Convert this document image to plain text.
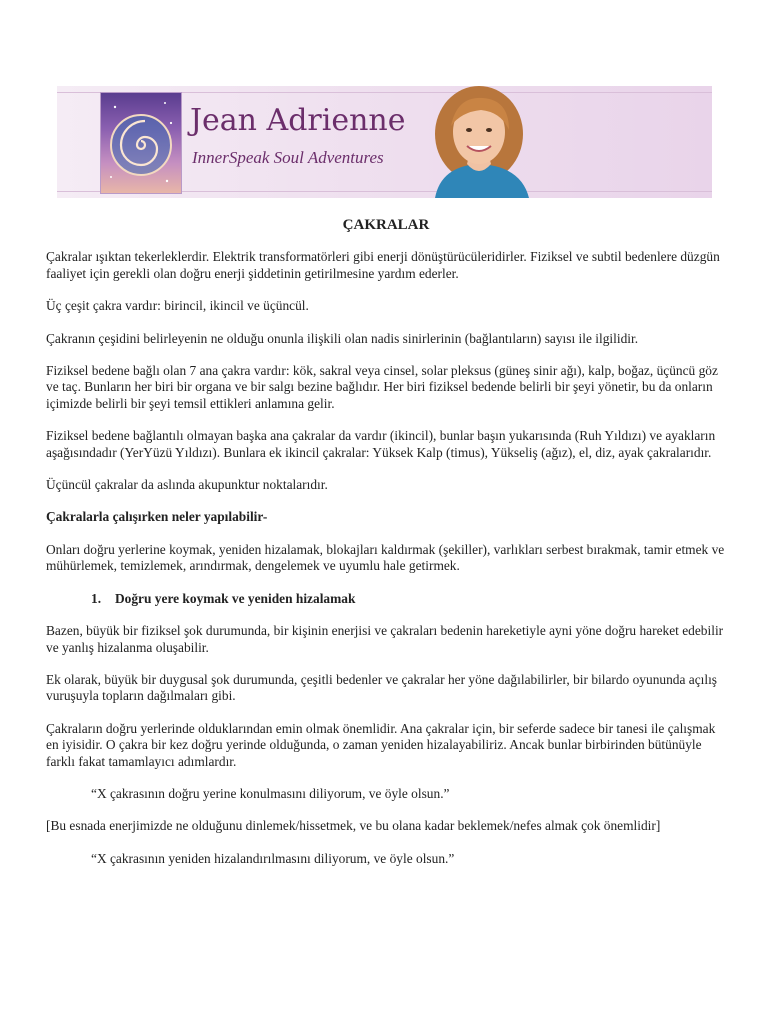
Jean Adrienne

InnerSpeak Soul Adventures

ÇAKRALAR

Çakralar ışıktan tekerleklerdir. Elektrik transformatörleri gibi enerji dönüştürücüleridirler. Fiziksel ve subtil bedenlere düzgün faaliyet için gerekli olan doğru enerji şiddetinin getirilmesine yardım ederler.

Üç çeşit çakra vardır: birincil, ikincil ve üçüncül.

Çakranın çeşidini belirleyenin ne olduğu onunla ilişkili olan nadis sinirlerinin (bağlantıların) sayısı ile ilgilidir.

Fiziksel bedene bağlı olan 7 ana çakra vardır: kök, sakral veya cinsel, solar pleksus (güneş sinir ağı), kalp, boğaz, üçüncü göz ve taç. Bunların her biri bir organa ve bir salgı bezine bağlıdır. Her biri fiziksel bedende belirli bir şeyi yönetir, bu da onların içimizde belirli bir şeyi temsil ettikleri anlamına gelir.

Fiziksel bedene bağlantılı olmayan başka ana çakralar da vardır (ikincil), bunlar başın yukarısında (Ruh Yıldızı) ve ayakların aşağısındadır (YerYüzü Yıldızı). Bunlara ek ikincil çakralar: Yüksek Kalp (timus), Yükseliş (ağız), el, diz, ayak çakralarıdır.

Üçüncül çakralar da aslında akupunktur noktalarıdır.

Çakralarla çalışırken neler yapılabilir-

Onları doğru yerlerine koymak, yeniden hizalamak, blokajları kaldırmak (şekiller), varlıkları serbest bırakmak, tamir etmek ve mühürlemek, temizlemek, arındırmak, dengelemek ve uyumlu hale getirmek.

1. Doğru yere koymak ve yeniden hizalamak

Bazen, büyük bir fiziksel şok durumunda, bir kişinin enerjisi ve çakraları bedenin hareketiyle ayni yöne doğru hareket edebilir ve yanlış hizalanma oluşabilir.

Ek olarak, büyük bir duygusal şok durumunda, çeşitli bedenler ve çakralar her yöne dağılabilirler, bir bilardo oyununda açılış vuruşuyla topların dağılmaları gibi.

Çakraların doğru yerlerinde olduklarından emin olmak önemlidir. Ana çakralar için, bir seferde sadece bir tanesi ile çalışmak en iyisidir. O çakra bir kez doğru yerinde olduğunda, o zaman yeniden hizalayabiliriz. Ancak bunlar birbirinden bütünüyle farklı fakat tamamlayıcı adımlardır.

“X çakrasının doğru yerine konulmasını diliyorum, ve öyle olsun.”

[Bu esnada enerjimizde ne olduğunu dinlemek/hissetmek, ve bu olana kadar beklemek/nefes almak çok önemlidir]

“X çakrasının yeniden hizalandırılmasını diliyorum, ve öyle olsun.”
